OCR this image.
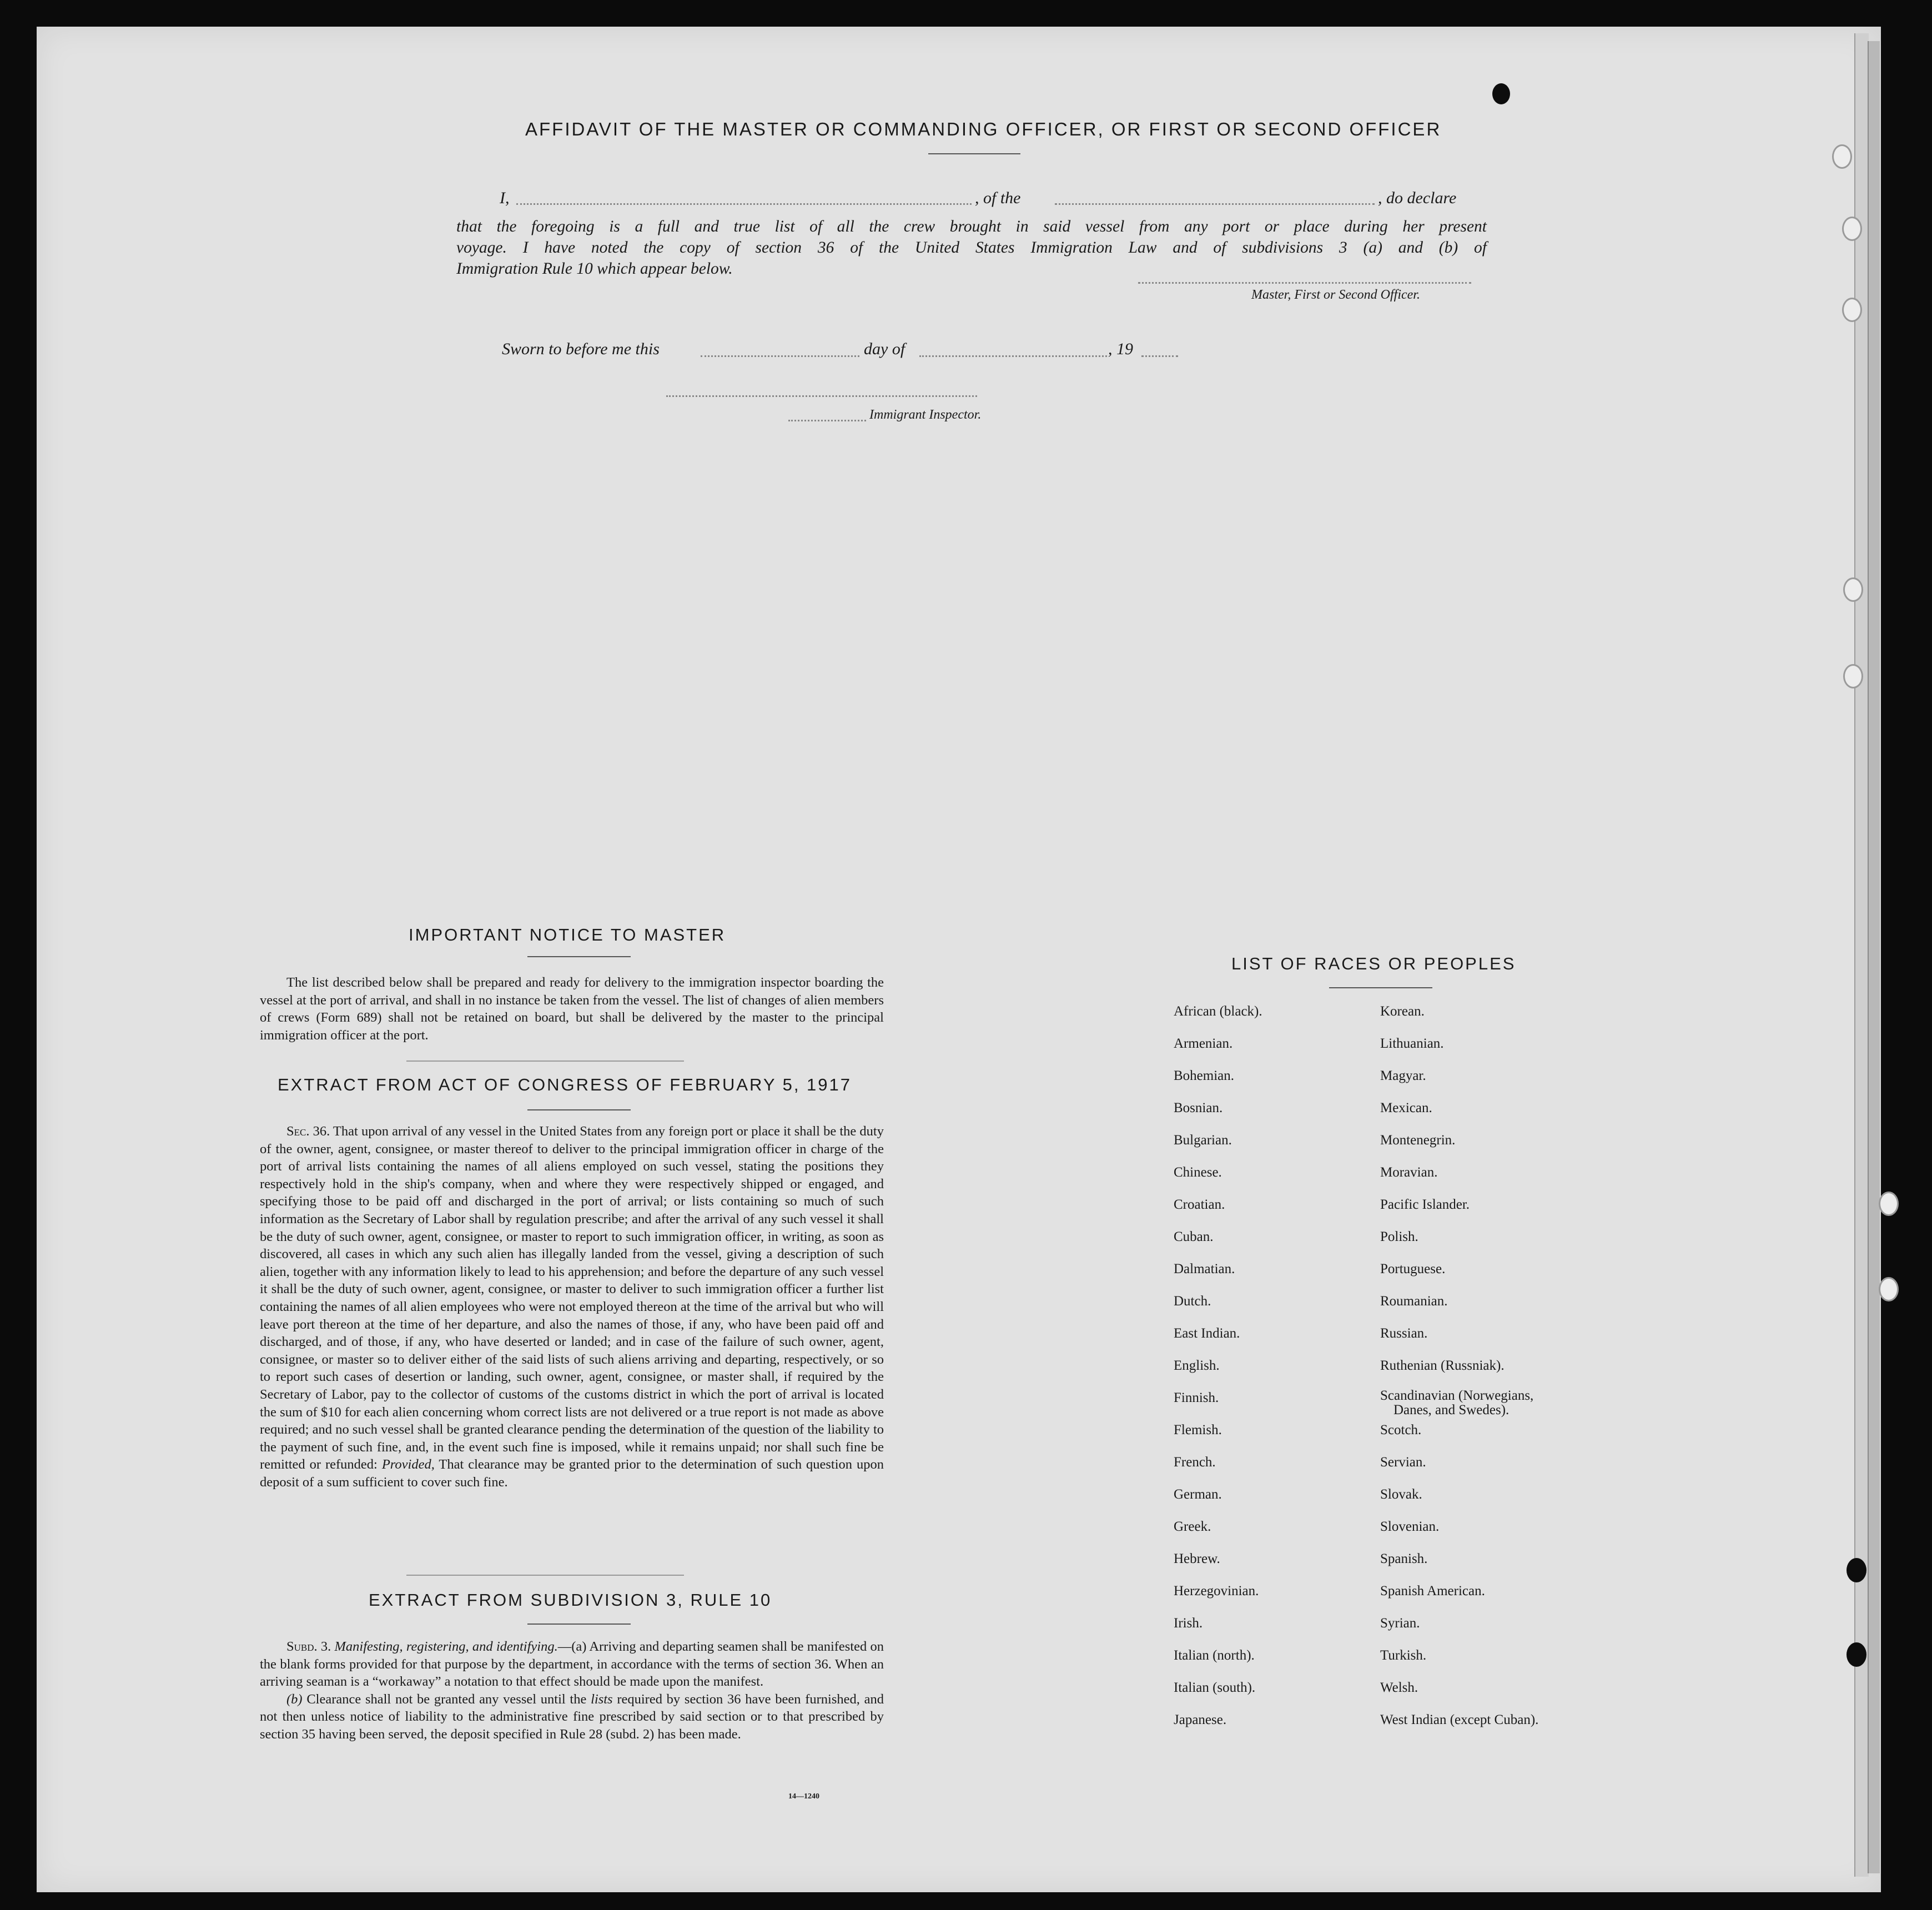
AFFIDAVIT OF THE MASTER OR COMMANDING OFFICER, OR FIRST OR SECOND OFFICER
I,	, of the	, do declare
that the foregoing is a full and true list of all the crew brought in said vessel from any port or place during her present
voyage. I have noted the copy of section 36 of the United States Immigration Law and of subdivisions 3 (a) and (b) of
Immigration Rule 10 which appear below.
Master, First or Second Officer.
Sworn to before me this	day of	, 19
Immigrant Inspector.
IMPORTANT NOTICE TO MASTER

The list described below shall be prepared and ready for delivery to the immigration inspector boarding the vessel at the port of arrival, and shall in no instance be taken from the vessel. The list of changes of alien members of crews (Form 689) shall not be retained on board, but shall be delivered by the master to the principal immigration officer at the port.

EXTRACT FROM ACT OF CONGRESS OF FEBRUARY 5, 1917

Sec. 36. That upon arrival of any vessel in the United States from any foreign port or place it shall be the duty of the owner, agent, consignee, or master thereof to deliver to the principal immigration officer in charge of the port of arrival lists containing the names of all aliens employed on such vessel, stating the positions they respectively hold in the ship's company, when and where they were respectively shipped or engaged, and specifying those to be paid off and discharged in the port of arrival; or lists containing so much of such information as the Secretary of Labor shall by regulation prescribe; and after the arrival of any such vessel it shall be the duty of such owner, agent, consignee, or master to report to such immigration officer, in writing, as soon as discovered, all cases in which any such alien has illegally landed from the vessel, giving a description of such alien, together with any information likely to lead to his apprehension; and before the departure of any such vessel it shall be the duty of such owner, agent, consignee, or master to deliver to such immigration officer a further list containing the names of all alien employees who were not employed thereon at the time of the arrival but who will leave port thereon at the time of her departure, and also the names of those, if any, who have been paid off and discharged, and of those, if any, who have deserted or landed; and in case of the failure of such owner, agent, consignee, or master so to deliver either of the said lists of such aliens arriving and departing, respectively, or so to report such cases of desertion or landing, such owner, agent, consignee, or master shall, if required by the Secretary of Labor, pay to the collector of customs of the customs district in which the port of arrival is located the sum of $10 for each alien concerning whom correct lists are not delivered or a true report is not made as above required; and no such vessel shall be granted clearance pending the determination of the question of the liability to the payment of such fine, and, in the event such fine is imposed, while it remains unpaid; nor shall such fine be remitted or refunded: Provided, That clearance may be granted prior to the determination of such question upon deposit of a sum sufficient to cover such fine.

EXTRACT FROM SUBDIVISION 3, RULE 10

Subd. 3. Manifesting, registering, and identifying.—(a) Arriving and departing seamen shall be manifested on the blank forms provided for that purpose by the department, in accordance with the terms of section 36. When an arriving seaman is a “workaway” a notation to that effect should be made upon the manifest.

(b) Clearance shall not be granted any vessel until the lists required by section 36 have been furnished, and not then unless notice of liability to the administrative fine prescribed by said section or to that prescribed by section 35 having been served, the deposit specified in Rule 28 (subd. 2) has been made.

14—1240
LIST OF RACES OR PEOPLES
African (black).
Armenian.
Bohemian.
Bosnian.
Bulgarian.
Chinese.
Croatian.
Cuban.
Dalmatian.
Dutch.
East Indian.
English.
Finnish.
Flemish.
French.
German.
Greek.
Hebrew.
Herzegovinian.
Irish.
Italian (north).
Italian (south).
Japanese.
Korean.
Lithuanian.
Magyar.
Mexican.
Montenegrin.
Moravian.
Pacific Islander.
Polish.
Portuguese.
Roumanian.
Russian.
Ruthenian (Russniak).
Scandinavian (Norwegians,
Danes, and Swedes).
Scotch.
Servian.
Slovak.
Slovenian.
Spanish.
Spanish American.
Syrian.
Turkish.
Welsh.
West Indian (except Cuban).
